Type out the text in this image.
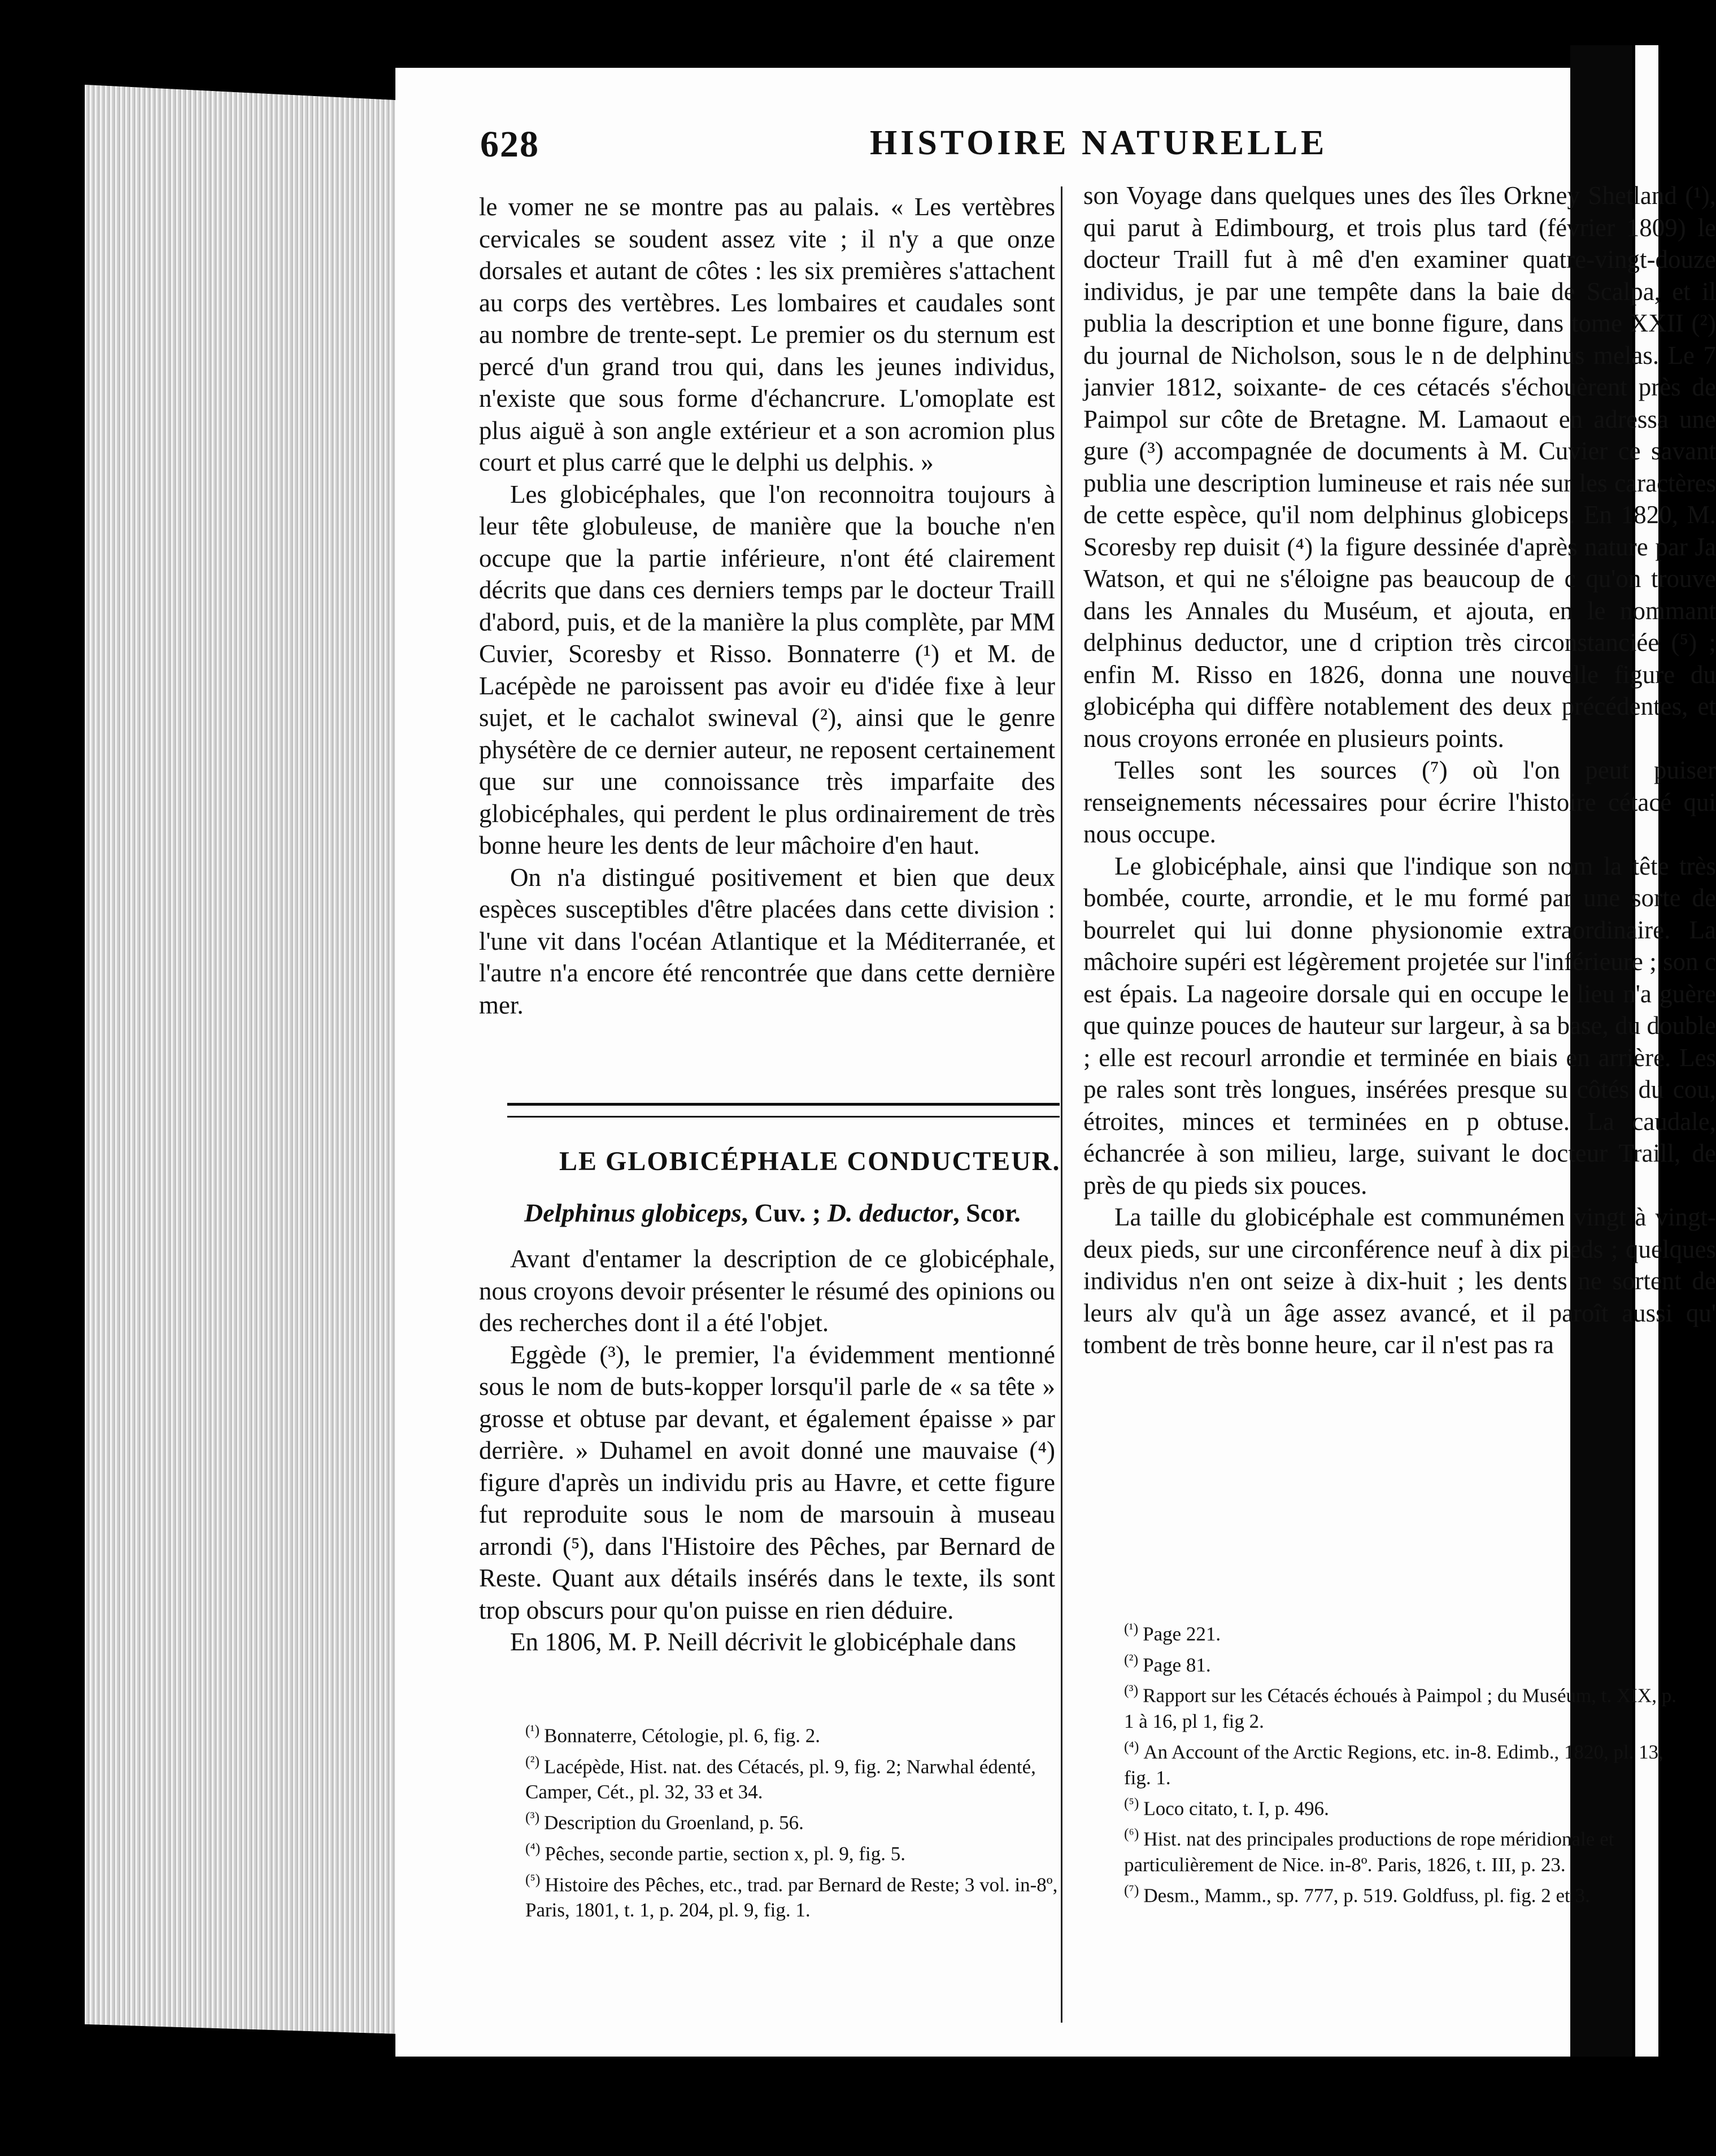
628	HISTOIRE NATURELLE

le vomer ne se montre pas au palais. « Les vertèbres cervicales se soudent assez vite ; il n'y a que onze dorsales et autant de côtes : les six premières s'attachent au corps des vertèbres. Les lombaires et caudales sont au nombre de trente-sept. Le premier os du sternum est percé d'un grand trou qui, dans les jeunes individus, n'existe que sous forme d'échancrure. L'omoplate est plus aiguë à son angle extérieur et a son acromion plus court et plus carré que le delphi us delphis. »

Les globicéphales, que l'on reconnoitra toujours à leur tête globuleuse, de manière que la bouche n'en occupe que la partie inférieure, n'ont été clairement décrits que dans ces derniers temps par le docteur Traill d'abord, puis, et de la manière la plus complète, par MM Cuvier, Scoresby et Risso. Bonnaterre (¹) et M. de Lacépède ne paroissent pas avoir eu d'idée fixe à leur sujet, et le cachalot swineval (²), ainsi que le genre physétère de ce dernier auteur, ne reposent certainement que sur une connoissance très imparfaite des globicéphales, qui perdent le plus ordinairement de très bonne heure les dents de leur mâchoire d'en haut.

On n'a distingué positivement et bien que deux espèces susceptibles d'être placées dans cette division : l'une vit dans l'océan Atlantique et la Méditerranée, et l'autre n'a encore été rencontrée que dans cette dernière mer.

LE GLOBICÉPHALE CONDUCTEUR.
Delphinus globiceps, Cuv. ; D. deductor, Scor.

Avant d'entamer la description de ce globicéphale, nous croyons devoir présenter le résumé des opinions ou des recherches dont il a été l'objet.

Eggède (³), le premier, l'a évidemment mentionné sous le nom de buts-kopper lorsqu'il parle de « sa tête » grosse et obtuse par devant, et également épaisse » par derrière. » Duhamel en avoit donné une mauvaise (⁴) figure d'après un individu pris au Havre, et cette figure fut reproduite sous le nom de marsouin à museau arrondi (⁵), dans l'Histoire des Pêches, par Bernard de Reste. Quant aux détails insérés dans le texte, ils sont trop obscurs pour qu'on puisse en rien déduire.

En 1806, M. P. Neill décrivit le globicéphale dans

$^{(^1)}$ Bonnaterre, Cétologie, pl. 6, fig. 2.
$^{(^2)}$ Lacépède, Hist. nat. des Cétacés, pl. 9, fig. 2; Narwhal édenté, Camper, Cét., pl. 32, 33 et 34.
$^{(^3)}$ Description du Groenland, p. 56.
$^{(^4)}$ Pêches, seconde partie, section x, pl. 9, fig. 5.
$^{(^5)}$ Histoire des Pêches, etc., trad. par Bernard de Reste; 3 vol. in-8º, Paris, 1801, t. 1, p. 204, pl. 9, fig. 1.

son Voyage dans quelques unes des îles Orkney Shetland (¹), qui parut à Edimbourg, et trois plus tard (février 1809) le docteur Traill fut à mê d'en examiner quatre-vingt-douze individus, je par une tempête dans la baie de Scalpa, et il publia la description et une bonne figure, dans tome XXII (²) du journal de Nicholson, sous le n de delphinus melas. Le 7 janvier 1812, soixante- de ces cétacés s'échouèrent près de Paimpol sur côte de Bretagne. M. Lamaout en adressa une gure (³) accompagnée de documents à M. Cuvier ce savant publia une description lumineuse et rais née sur les caractères de cette espèce, qu'il nom delphinus globiceps. En 1820, M. Scoresby rep duisit (⁴) la figure dessinée d'après nature par Ja Watson, et qui ne s'éloigne pas beaucoup de c qu'on trouve dans les Annales du Muséum, et ajouta, en le nommant delphinus deductor, une d cription très circonstanciée (⁵) ; enfin M. Risso en 1826, donna une nouvelle figure du globicépha qui diffère notablement des deux précédentes, et nous croyons erronée en plusieurs points.

Telles sont les sources (⁷) où l'on peut puiser renseignements nécessaires pour écrire l'histoire cétacé qui nous occupe.

Le globicéphale, ainsi que l'indique son nom la tête très bombée, courte, arrondie, et le mu formé par une sorte de bourrelet qui lui donne physionomie extraordinaire. La mâchoire supéri est légèrement projetée sur l'inférieure ; son c est épais. La nageoire dorsale qui en occupe le lieu n'a guère que quinze pouces de hauteur sur largeur, à sa base, du double ; elle est recourl arrondie et terminée en biais en arrière. Les pe rales sont très longues, insérées presque su côtés du cou, étroites, minces et terminées en p obtuse. La caudale, échancrée à son milieu, large, suivant le docteur Traill, de près de qu pieds six pouces.

La taille du globicéphale est communémen vingt à vingt-deux pieds, sur une circonférence neuf à dix pieds ; quelques individus n'en ont seize à dix-huit ; les dents ne sortent de leurs alv qu'à un âge assez avancé, et il paroît aussi qu' tombent de très bonne heure, car il n'est pas ra

$^{(^1)}$ Page 221.
$^{(^2)}$ Page 81.
$^{(^3)}$ Rapport sur les Cétacés échoués à Paimpol ; du Muséum, t. XIX, p. 1 à 16, pl 1, fig 2.
$^{(^4)}$ An Account of the Arctic Regions, etc. in-8. Edimb., 1820, pl. 13, fig. 1.
$^{(^5)}$ Loco citato, t. I, p. 496.
$^{(^6)}$ Hist. nat des principales productions de rope méridionale et particulièrement de Nice. in-8º. Paris, 1826, t. III, p. 23.
$^{(^7)}$ Desm., Mamm., sp. 777, p. 519. Goldfuss, pl. fig. 2 et 3.
